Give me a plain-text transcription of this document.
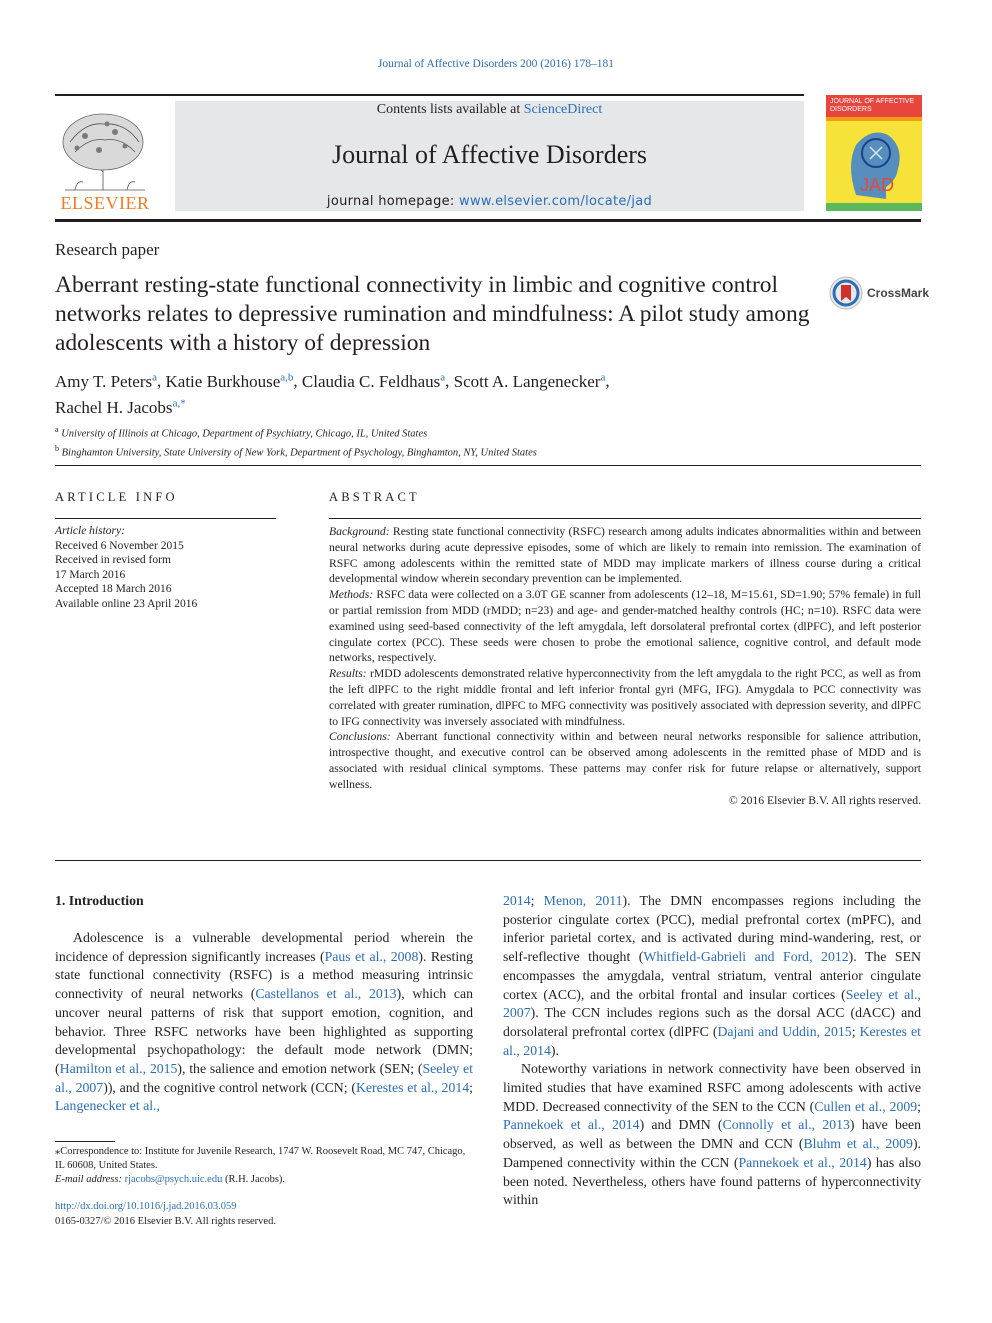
Journal of Affective Disorders 200 (2016) 178–181
Contents lists available at ScienceDirect
Journal of Affective Disorders
journal homepage: www.elsevier.com/locate/jad
ELSEVIER
JOURNAL OF AFFECTIVE DISORDERS
JAD
Research paper
Aberrant resting-state functional connectivity in limbic and cognitive control networks relates to depressive rumination and mindfulness: A pilot study among adolescents with a history of depression
CrossMark
Amy T. Peters$^a$, Katie Burkhouse$^{a,b}$, Claudia C. Feldhaus$^a$, Scott A. Langenecker$^a$,
Rachel H. Jacobs$^{a,*}$
$^a$ University of Illinois at Chicago, Department of Psychiatry, Chicago, IL, United States
$^b$ Binghamton University, State University of New York, Department of Psychology, Binghamton, NY, United States
ARTICLE INFO
Article history:
Received 6 November 2015
Received in revised form
17 March 2016
Accepted 18 March 2016
Available online 23 April 2016
ABSTRACT

Background: Resting state functional connectivity (RSFC) research among adults indicates abnormalities within and between neural networks during acute depressive episodes, some of which are likely to remain into remission. The examination of RSFC among adolescents within the remitted state of MDD may implicate markers of illness course during a critical developmental window wherein secondary prevention can be implemented.

Methods: RSFC data were collected on a 3.0T GE scanner from adolescents (12–18, M=15.61, SD=1.90; 57% female) in full or partial remission from MDD (rMDD; n=23) and age- and gender-matched healthy controls (HC; n=10). RSFC data were examined using seed-based connectivity of the left amygdala, left dorsolateral prefrontal cortex (dlPFC), and left posterior cingulate cortex (PCC). These seeds were chosen to probe the emotional salience, cognitive control, and default mode networks, respectively.

Results: rMDD adolescents demonstrated relative hyperconnectivity from the left amygdala to the right PCC, as well as from the left dlPFC to the right middle frontal and left inferior frontal gyri (MFG, IFG). Amygdala to PCC connectivity was correlated with greater rumination, dlPFC to MFG connectivity was positively associated with depression severity, and dlPFC to IFG connectivity was inversely associated with mindfulness.

Conclusions: Aberrant functional connectivity within and between neural networks responsible for salience attribution, introspective thought, and executive control can be observed among adolescents in the remitted phase of MDD and is associated with residual clinical symptoms. These patterns may confer risk for future relapse or alternatively, support wellness.

© 2016 Elsevier B.V. All rights reserved.

1. Introduction

Adolescence is a vulnerable developmental period wherein the incidence of depression significantly increases (Paus et al., 2008). Resting state functional connectivity (RSFC) is a method measuring intrinsic connectivity of neural networks (Castellanos et al., 2013), which can uncover neural patterns of risk that support emotion, cognition, and behavior. Three RSFC networks have been highlighted as supporting developmental psychopathology: the default mode network (DMN; (Hamilton et al., 2015), the salience and emotion network (SEN; (Seeley et al., 2007)), and the cognitive control network (CCN; (Kerestes et al., 2014; Langenecker et al.,

2014; Menon, 2011). The DMN encompasses regions including the posterior cingulate cortex (PCC), medial prefrontal cortex (mPFC), and inferior parietal cortex, and is activated during mind-wandering, rest, or self-reflective thought (Whitfield-Gabrieli and Ford, 2012). The SEN encompasses the amygdala, ventral striatum, ventral anterior cingulate cortex (ACC), and the orbital frontal and insular cortices (Seeley et al., 2007). The CCN includes regions such as the dorsal ACC (dACC) and dorsolateral prefrontal cortex (dlPFC (Dajani and Uddin, 2015; Kerestes et al., 2014).

Noteworthy variations in network connectivity have been observed in limited studies that have examined RSFC among adolescents with active MDD. Decreased connectivity of the SEN to the CCN (Cullen et al., 2009; Pannekoek et al., 2014) and DMN (Connolly et al., 2013) have been observed, as well as between the DMN and CCN (Bluhm et al., 2009). Dampened connectivity within the CCN (Pannekoek et al., 2014) has also been noted. Nevertheless, others have found patterns of hyperconnectivity within

⁎Correspondence to: Institute for Juvenile Research, 1747 W. Roosevelt Road, MC 747, Chicago, IL 60608, United States.
E-mail address: rjacobs@psych.uic.edu (R.H. Jacobs).
http://dx.doi.org/10.1016/j.jad.2016.03.059
0165-0327/© 2016 Elsevier B.V. All rights reserved.
